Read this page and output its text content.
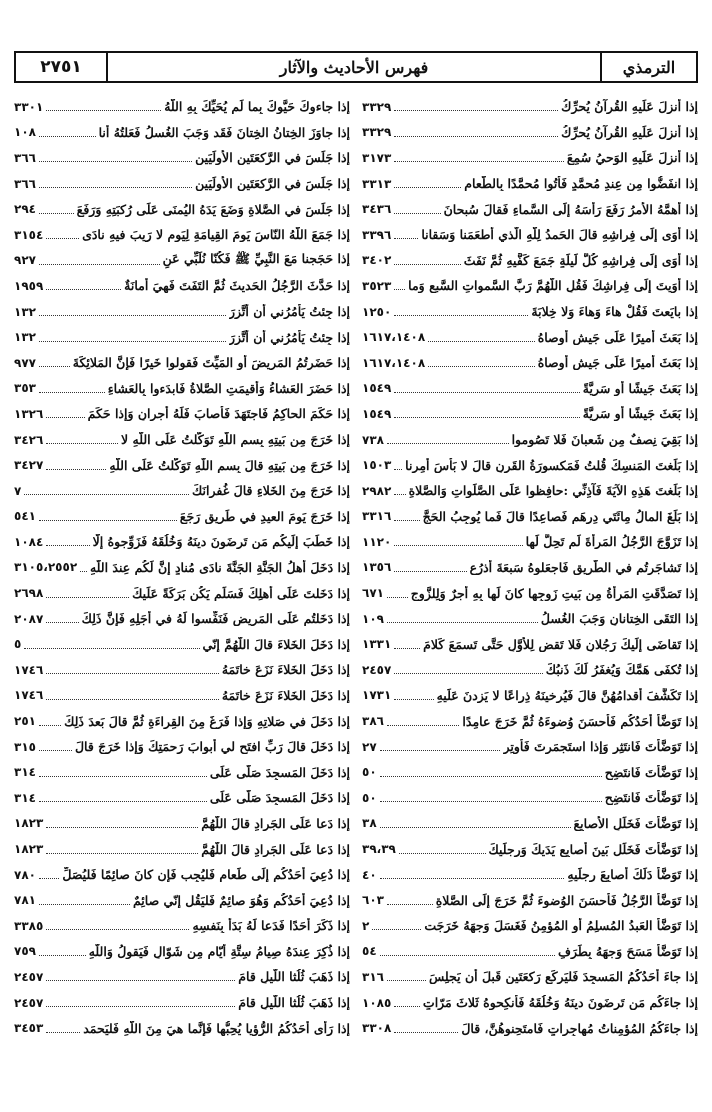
الترمذي
فهرس الأحاديث والآثار
٢٧٥١
إذا أُنزِلَ عَلَيهِ القُرآنُ يُحرِّكُ
٣٣٢٩
إذا أُنزِلَ عَلَيهِ القُرآنُ يُحرِّكُ
٣٣٢٩
إذا أُنزِلَ عَلَيهِ الوَحيُ سُمِعَ
٣١٧٣
إذا انفَضُّوا مِن عِندِ مُحمَّدٍ فَأتُوا مُحمَّدًا بِالطَّعامِ
٣٣١٣
إذا أَهمَّهُ الأَمرُ رَفَعَ رَأسَهُ إلَى السَّماءِ فَقالَ سُبحانَ
٣٤٣٦
إذا أَوَى إلَى فِراشِهِ قالَ الحَمدُ لِلّهِ الَّذي أَطعَمَنا وَسَقانا
٣٣٩٦
إذا أَوَى إلَى فِراشِهِ كُلَّ لَيلَةٍ جَمَعَ كَفَّيهِ ثُمَّ نَفَثَ
٣٤٠٢
إذا أَوَيتَ إلَى فِراشِكَ فَقُلِ اللَّهُمَّ رَبَّ السَّمواتِ السَّبعِ وَما
٣٥٢٣
إذا بايَعتَ فَقُلْ هاءَ وَهاءَ وَلا خِلابَةَ
١٢٥٠
إذا بَعَثَ أَميرًا عَلَى جَيشٍ أَوصاهُ
١٦١٧،١٤٠٨
إذا بَعَثَ أَميرًا عَلَى جَيشٍ أَوصاهُ
١٦١٧،١٤٠٨
إذا بَعَثَ جَيشًا أَو سَرِيَّةً
١٥٤٩
إذا بَعَثَ جَيشًا أَو سَرِيَّةً
١٥٤٩
إذا بَقِيَ نِصفٌ مِن شَعبانَ فَلا تَصُوموا
٧٣٨
إذا بَلَغتَ المَنسِكَ قُلتُ فَمَكسورَةُ القَرنِ قالَ لا بَأسَ أُمِرنا
١٥٠٣
إذا بَلَغتَ هَذِهِ الآيَةَ فَآذِنِّي :حافِظوا عَلَى الصَّلَواتِ وَالصَّلاةِ
٢٩٨٢
إذا بَلَغَ المالُ مِائَتَي دِرهَمٍ فَصاعِدًا قالَ فَما يُوجِبُ الحَجَّ
٣٣١٦
إذا تَزَوَّجَ الرَّجُلُ المَرأَةَ لَم تَحِلَّ لَها
١١٢٠
إذا تَشاجَرتُم في الطَّريقِ فَاجعَلوهُ سَبعَةَ أَذرُعٍ
١٣٥٦
إذا تَصَدَّقَتِ المَرأَةُ مِن بَيتِ زَوجِها كانَ لَها بِهِ أَجرٌ وَلِلزَّوجِ
٦٧١
إذا التَقَى الخِتانانِ وَجَبَ الغُسلُ
١٠٩
إذا تَقاضَى إلَيكَ رَجُلانِ فَلا تَقضِ لِلأَوَّلِ حَتَّى تَسمَعَ كَلامَ
١٣٣١
إذا تُكفَى هَمَّكَ وَيُغفَرُ لَكَ ذَنبُكَ
٢٤٥٧
إذا تَكَشَّفَ أَقدامُهُنَّ قالَ فَيُرخينَهُ ذِراعًا لا يَزِدنَ عَلَيهِ
١٧٣١
إذا تَوَضَّأَ أَحَدُكُم فَأَحسَنَ وُضوءَهُ ثُمَّ خَرَجَ عامِدًا
٣٨٦
إذا تَوَضَّأتَ فَانتَثِر وَإذا استَجمَرتَ فَأَوتِر
٢٧
إذا تَوَضَّأتَ فَانتَضِح
٥٠
إذا تَوَضَّأتَ فَانتَضِح
٥٠
إذا تَوَضَّأتَ فَخَلِّلِ الأَصابِعَ
٣٨
إذا تَوَضَّأتَ فَخَلِّل بَينَ أَصابِعِ يَدَيكَ وَرِجلَيكَ
٣٩،٣٩
إذا تَوَضَّأَ دَلَكَ أَصابِعَ رِجلَيهِ
٤٠
إذا تَوَضَّأَ الرَّجُلُ فَأَحسَنَ الوُضوءَ ثُمَّ خَرَجَ إلَى الصَّلاةِ
٦٠٣
إذا تَوَضَّأَ العَبدُ المُسلِمُ أَوِ المُؤمِنُ فَغَسَلَ وَجهَهُ خَرَجَت
٢
إذا تَوَضَّأَ مَسَحَ وَجهَهُ بِطَرَفِ
٥٤
إذا جاءَ أَحَدُكُمُ المَسجِدَ فَليَركَع رَكعَتَينِ قَبلَ أَن يَجلِسَ
٣١٦
إذا جاءَكُم مَن تَرضَونَ دينَهُ وَخُلُقَهُ فَأَنكِحوهُ ثَلاثَ مَرّاتٍ
١٠٨٥
إذا جاءَكُمُ المُؤمِناتُ مُهاجِراتٍ فَامتَحِنوهُنَّ، قالَ
٣٣٠٨
إذا جاءوكَ حَيَّوكَ بِما لَم يُحَيِّكَ بِهِ اللَّهُ
٣٣٠١
إذا جاوَزَ الخِتانُ الخِتانَ فَقَد وَجَبَ الغُسلُ فَعَلتُهُ أَنا
١٠٨
إذا جَلَسَ في الرَّكعَتَينِ الأُولَيَينِ
٣٦٦
إذا جَلَسَ في الرَّكعَتَينِ الأُولَيَينِ
٣٦٦
إذا جَلَسَ في الصَّلاةِ وَضَعَ يَدَهُ اليُمنَى عَلَى رُكبَتِهِ وَرَفَعَ
٢٩٤
إذا جَمَعَ اللَّهُ النّاسَ يَومَ القِيامَةِ لِيَومٍ لا رَيبَ فيهِ نادَى
٣١٥٤
إذا حَجَجنا مَعَ النَّبِيِّ ﷺ فَكُنّا نُلَبِّي عَنِ
٩٢٧
إذا حَدَّثَ الرَّجُلُ الحَديثَ ثُمَّ التَفَتَ فَهيَ أَمانَةٌ
١٩٥٩
إذا جِئتُ يَأمُرُني أَن أَتَّزِرَ
١٣٢
إذا جِئتُ يَأمُرُني أَن أَتَّزِرَ
١٣٢
إذا حَضَرتُمُ المَريضَ أَوِ المَيِّتَ فَقولوا خَيرًا فَإنَّ المَلائِكَةَ
٩٧٧
إذا حَضَرَ العَشاءُ وَأُقيمَتِ الصَّلاةُ فَابدَءوا بِالعَشاءِ
٣٥٣
إذا حَكَمَ الحاكِمُ فَاجتَهَدَ فَأَصابَ فَلَهُ أَجرانِ وَإذا حَكَمَ
١٣٢٦
إذا خَرَجَ مِن بَيتِهِ بِسمِ اللَّهِ تَوَكَّلتُ عَلَى اللَّهِ لا
٣٤٢٦
إذا خَرَجَ مِن بَيتِهِ قالَ بِسمِ اللَّهِ تَوَكَّلتُ عَلَى اللَّهِ
٣٤٢٧
إذا خَرَجَ مِنَ الخَلاءِ قالَ غُفرانَكَ
٧
إذا خَرَجَ يَومَ العيدِ في طَريقٍ رَجَعَ
٥٤١
إذا خَطَبَ إلَيكُم مَن تَرضَونَ دينَهُ وَخُلُقَهُ فَزَوِّجوهُ إلّا
١٠٨٤
إذا دَخَلَ أَهلُ الجَنَّةِ الجَنَّةَ نادَى مُنادٍ إنَّ لَكُم عِندَ اللَّهِ
٣١٠٥،٢٥٥٢
إذا دَخَلتَ عَلَى أَهلِكَ فَسَلِّم يَكُن بَرَكَةً عَلَيكَ
٢٦٩٨
إذا دَخَلتُم عَلَى المَريضِ فَنَفِّسوا لَهُ في أَجَلِهِ فَإنَّ ذَلِكَ
٢٠٨٧
إذا دَخَلَ الخَلاءَ قالَ اللَّهُمَّ إنّي
٥
إذا دَخَلَ الخَلاءَ نَزَعَ خاتَمَهُ
١٧٤٦
إذا دَخَلَ الخَلاءَ نَزَعَ خاتَمَهُ
١٧٤٦
إذا دَخَلَ في صَلاتِهِ وَإذا فَرَغَ مِنَ القِراءَةِ ثُمَّ قالَ بَعدَ ذَلِكَ
٢٥١
إذا دَخَلَ قالَ رَبِّ افتَح لي أَبوابَ رَحمَتِكَ وَإذا خَرَجَ قالَ
٣١٥
إذا دَخَلَ المَسجِدَ صَلَّى عَلَى
٣١٤
إذا دَخَلَ المَسجِدَ صَلَّى عَلَى
٣١٤
إذا دَعا عَلَى الجَرادِ قالَ اللَّهُمَّ
١٨٢٣
إذا دَعا عَلَى الجَرادِ قالَ اللَّهُمَّ
١٨٢٣
إذا دُعِيَ أَحَدُكُم إلَى طَعامٍ فَليُجِب فَإن كانَ صائِمًا فَليُصَلِّ
٧٨٠
إذا دُعِيَ أَحَدُكُم وَهُوَ صائِمٌ فَليَقُل إنّي صائِمٌ
٧٨١
إذا ذَكَرَ أَحَدًا فَدَعا لَهُ بَدَأَ بِنَفسِهِ
٣٣٨٥
إذا ذُكِرَ عِندَهُ صِيامُ سِتَّةِ أَيّامٍ مِن شَوّالٍ فَيَقولُ وَاللَّهِ
٧٥٩
إذا ذَهَبَ ثُلُثا اللَّيلِ قامَ
٢٤٥٧
إذا ذَهَبَ ثُلُثا اللَّيلِ قامَ
٢٤٥٧
إذا رَأَى أَحَدُكُمُ الرُّؤيا يُحِبُّها فَإنَّما هيَ مِنَ اللَّهِ فَليَحمَد
٣٤٥٣
